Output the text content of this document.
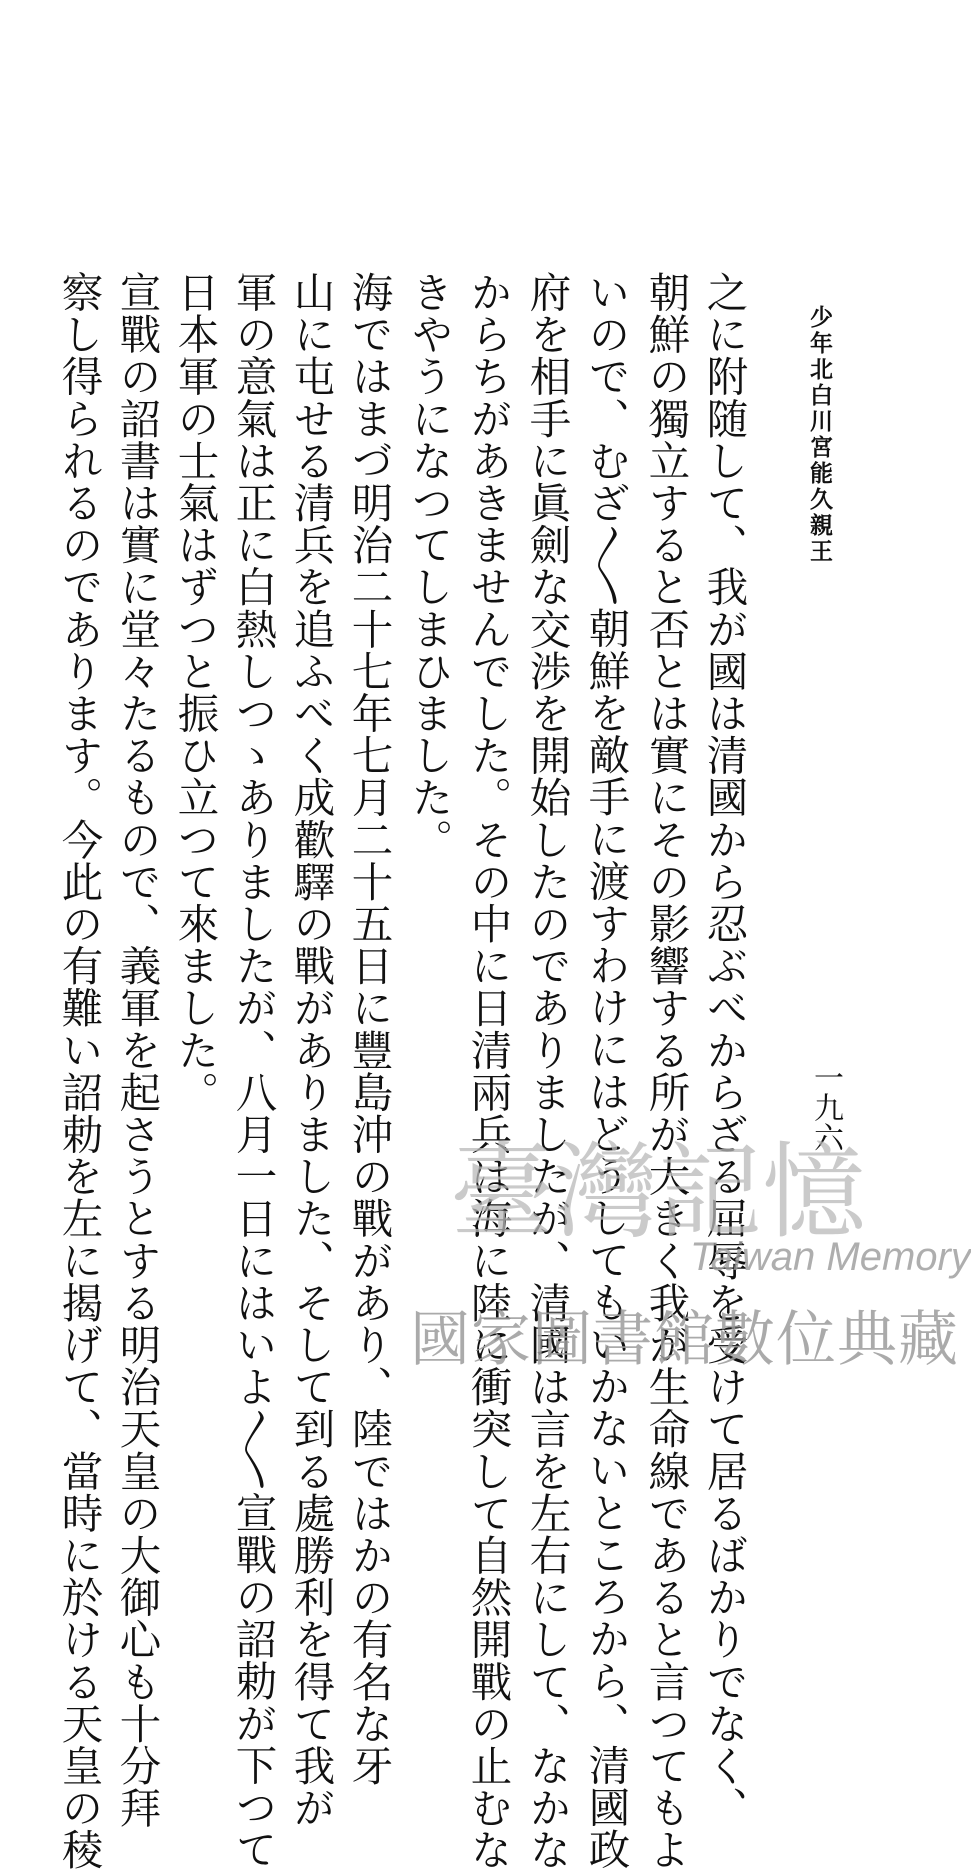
少年北白川宮能久親王
一九六
之に附随して、我が國は清國から忍ぶべからざる屈辱を受けて居るばかりでなく、
朝鮮の獨立すると否とは實にその影響する所が大きく我が生命線であると言つてもよ
いので、むざ〳〵朝鮮を敵手に渡すわけにはどうしてもいかないところから、清國政
府を相手に眞劍な交渉を開始したのでありましたが、清國は言を左右にして、なかな
からちがあきませんでした。その中に日清兩兵は海に陸に衝突して自然開戰の止むな
きやうになつてしまひました。
海ではまづ明治二十七年七月二十五日に豐島沖の戰があり、陸ではかの有名な牙
山に屯せる清兵を追ふべく成歡驛の戰がありました、そして到る處勝利を得て我が
軍の意氣は正に白熱しつゝありましたが、八月一日にはいよ〳〵宣戰の詔勅が下つて
日本軍の士氣はずつと振ひ立つて來ました。
宣戰の詔書は實に堂々たるもので、義軍を起さうとする明治天皇の大御心も十分拜
察し得られるのであります。今此の有難い詔勅を左に揭げて、當時に於ける天皇の稜	臺灣記憶
Taiwan Memory
國家圖書館數位典藏
